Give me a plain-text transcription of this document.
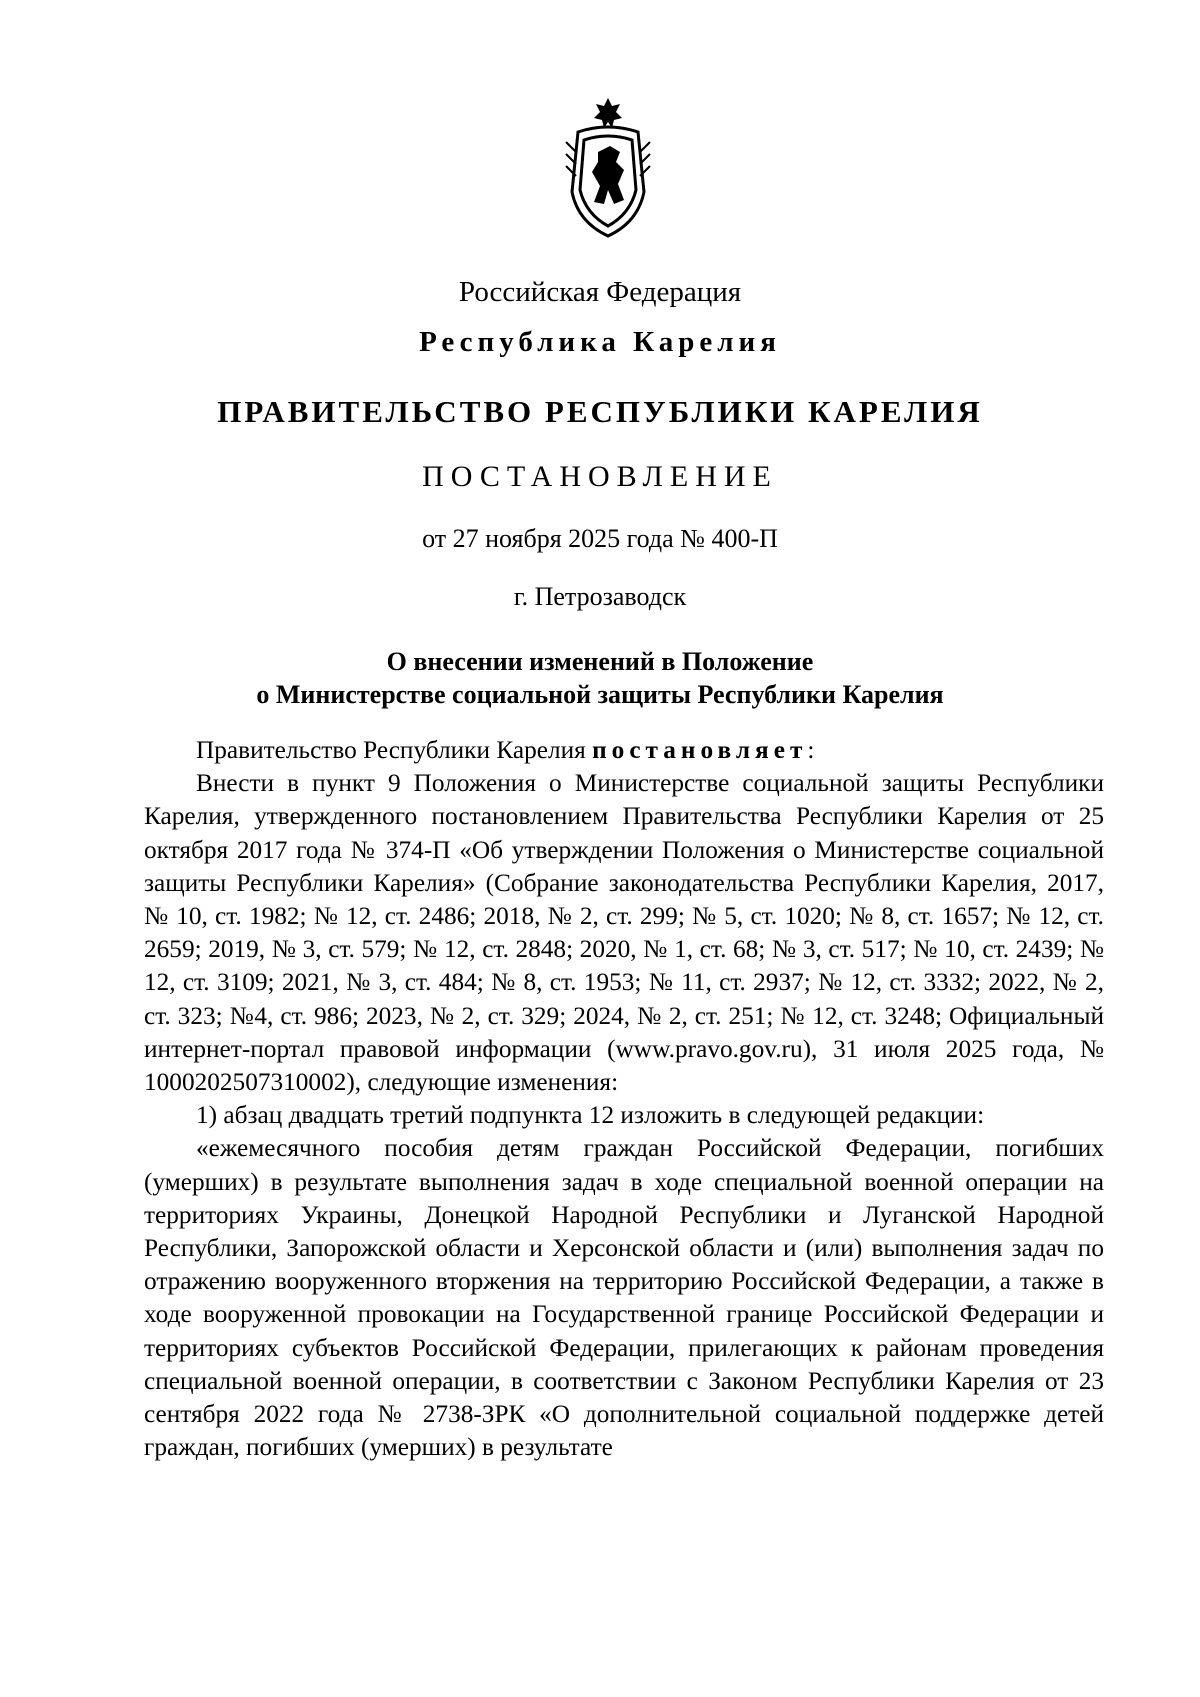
Российская Федерация
Республика Карелия
ПРАВИТЕЛЬСТВО РЕСПУБЛИКИ КАРЕЛИЯ
ПОСТАНОВЛЕНИЕ
от 27 ноября 2025 года № 400-П
г. Петрозаводск
О внесении изменений в Положение
о Министерстве социальной защиты Республики Карелия

Правительство Республики Карелия постановляет:

Внести в пункт 9 Положения о Министерстве социальной защиты Республики Карелия, утвержденного постановлением Правительства Республики Карелия от 25 октября 2017 года № 374-П «Об утверждении Положения о Министерстве социальной защиты Республики Карелия» (Собрание законодательства Республики Карелия, 2017, № 10, ст. 1982; № 12, ст. 2486; 2018, № 2, ст. 299; № 5, ст. 1020; № 8, ст. 1657; № 12, ст. 2659; 2019, № 3, ст. 579; № 12, ст. 2848; 2020, № 1, ст. 68; № 3, ст. 517; № 10, ст. 2439; № 12, ст. 3109; 2021, № 3, ст. 484; № 8, ст. 1953; № 11, ст. 2937; № 12, ст. 3332; 2022, № 2, ст. 323; №4, ст. 986; 2023, № 2, ст. 329; 2024, № 2, ст. 251; № 12, ст. 3248; Официальный интернет-портал правовой информации (www.pravo.gov.ru), 31 июля 2025 года, № 1000202507310002), следующие изменения:

1) абзац двадцать третий подпункта 12 изложить в следующей редакции:

«ежемесячного пособия детям граждан Российской Федерации, погибших (умерших) в результате выполнения задач в ходе специальной военной операции на территориях Украины, Донецкой Народной Республики и Луганской Народной Республики, Запорожской области и Херсонской области и (или) выполнения задач по отражению вооруженного вторжения на территорию Российской Федерации, а также в ходе вооруженной провокации на Государственной границе Российской Федерации и территориях субъектов Российской Федерации, прилегающих к районам проведения специальной военной операции, в соответствии с Законом Республики Карелия от 23 сентября 2022 года № 2738-ЗРК «О дополнительной социальной поддержке детей граждан, погибших (умерших) в результате
